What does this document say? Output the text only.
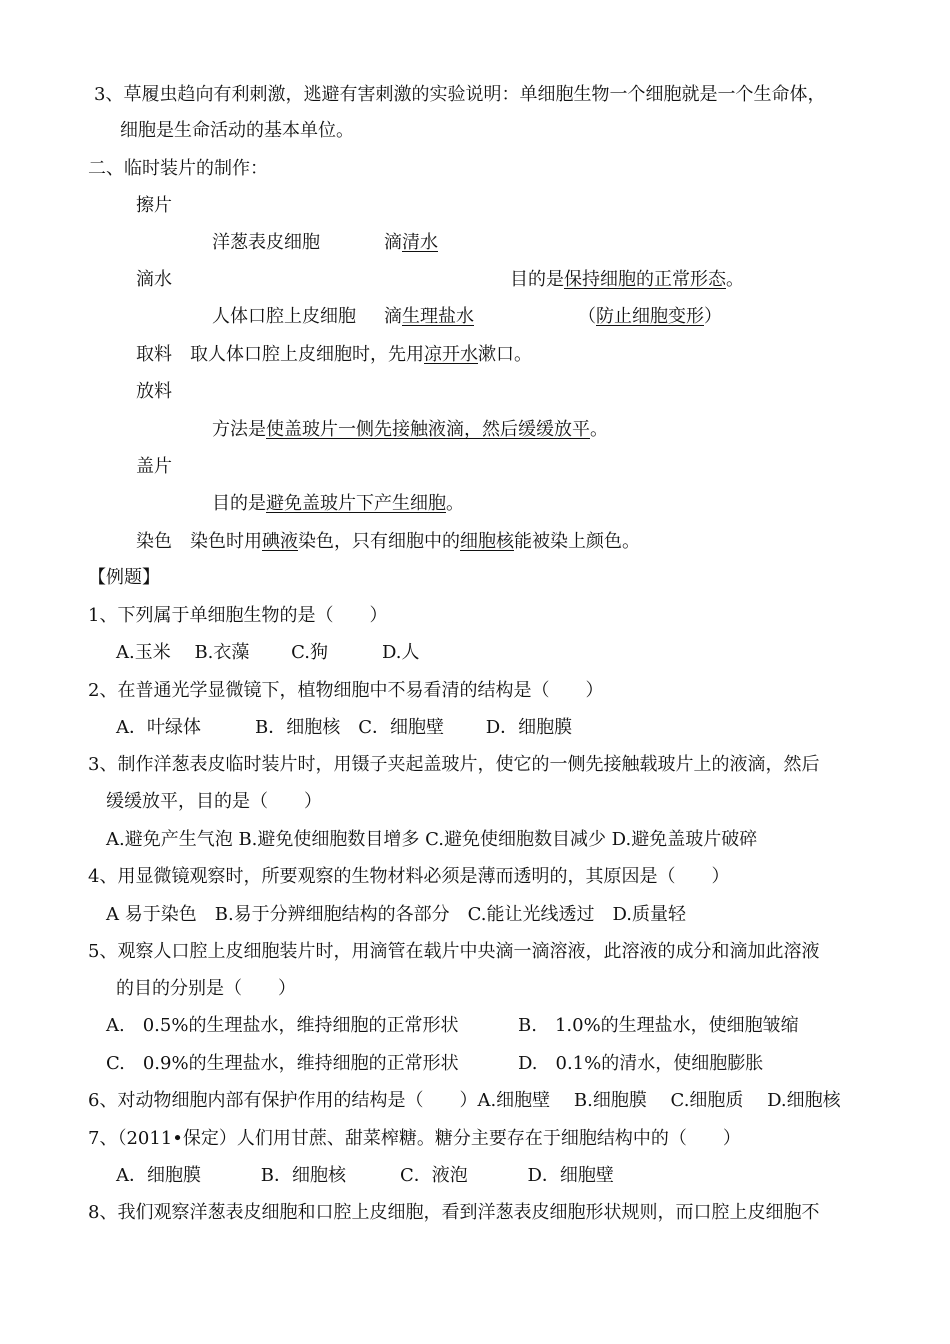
3、草履虫趋向有利刺激，逃避有害刺激的实验说明：单细胞生物一个细胞就是一个生命体，
细胞是生命活动的基本单位。
二、临时装片的制作：
擦片
洋葱表皮细胞	滴清水
滴水	目的是保持细胞的正常形态。
人体口腔上皮细胞 滴生理盐水	（防止细胞变形）
取料　 取人体口腔上皮细胞时，先用凉开水漱口。
放料
方法是使盖玻片一侧先接触液滴，然后缓缓放平。
盖片
目的是避免盖玻片下产生细胞。
染色　 染色时用碘液染色，只有细胞中的细胞核能被染上颜色。
【例题】
1、下列属于单细胞生物的是（　　）
A.玉米　 B.衣藻　　 C.狗　　　D.人
2、在普通光学显微镜下，植物细胞中不易看清的结构是（　　）
A．叶绿体　　　B．细胞核　C．细胞壁　　 D．细胞膜
3、制作洋葱表皮临时装片时，用镊子夹起盖玻片，使它的一侧先接触载玻片上的液滴，然后
缓缓放平，目的是（　　）
A.避免产生气泡 B.避免使细胞数目增多 C.避免使细胞数目减少 D.避免盖玻片破碎
4、用显微镜观察时，所要观察的生物材料必须是薄而透明的，其原因是（　　）
A 易于染色　B.易于分辨细胞结构的各部分　C.能让光线透过　D.质量轻
5、观察人口腔上皮细胞装片时，用滴管在载片中央滴一滴溶液，此溶液的成分和滴加此溶液
的目的分别是（　　）
A.　0.5%的生理盐水，维持细胞的正常形状	B.　1.0%的生理盐水，使细胞皱缩
C.　0.9%的生理盐水，维持细胞的正常形状	D.　0.1%的清水，使细胞膨胀
6、对动物细胞内部有保护作用的结构是（　　）A.细胞壁　 B.细胞膜　 C.细胞质　 D.细胞核
7、（2011•保定）人们用甘蔗、甜菜榨糖。糖分主要存在于细胞结构中的（　　）
A．细胞膜　　　 B．细胞核　　　C．液泡　　　 D．细胞壁
8、我们观察洋葱表皮细胞和口腔上皮细胞，看到洋葱表皮细胞形状规则，而口腔上皮细胞不
